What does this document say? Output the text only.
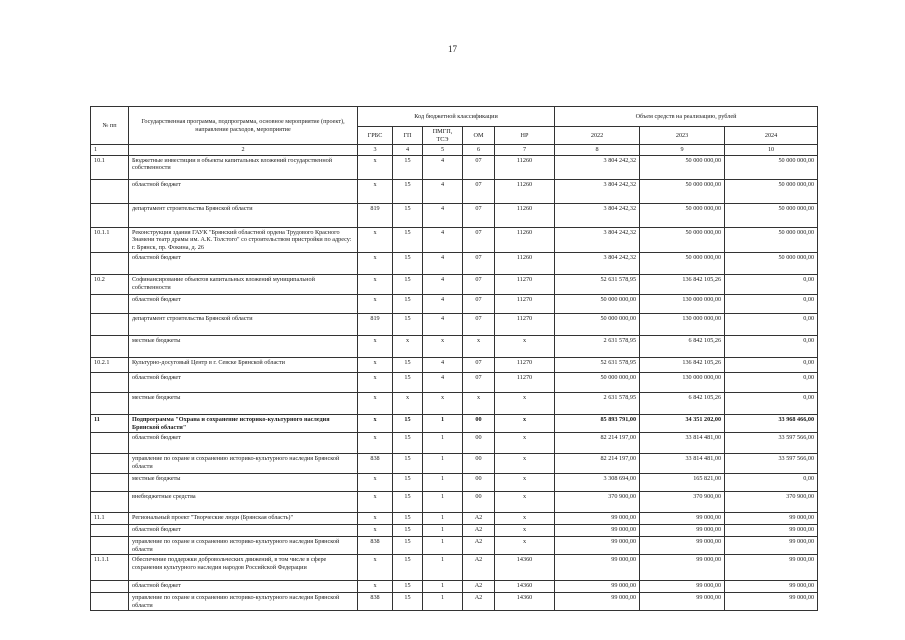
17
№ пп	Государственная программа, подпрограмма, основное мероприятие (проект), направление расходов, мероприятие	Код бюджетной классификации					Объем средств на реализацию, рублей		
		ГРБС	ГП	ПМГП, ТСЭ	ОМ	НР	2022	2023	2024
1	2	3	4	5	6	7	8	9	10
10.1	Бюджетные инвестиции в объекты капитальных вложений государственной собственности	x	15	4	07	11260	3 804 242,32	50 000 000,00	50 000 000,00
	областной бюджет	x	15	4	07	11260	3 804 242,32	50 000 000,00	50 000 000,00
	департамент строительства Брянской области	819	15	4	07	11260	3 804 242,32	50 000 000,00	50 000 000,00
10.1.1	Реконструкция здания ГАУК "Брянский областной ордена Трудового Красного Знамени театр драмы им. А.К. Толстого" со строительством пристройки по адресу: г. Брянск, пр. Фокина, д. 26	x	15	4	07	11260	3 804 242,32	50 000 000,00	50 000 000,00
	областной бюджет	x	15	4	07	11260	3 804 242,32	50 000 000,00	50 000 000,00
10.2	Софинансирование объектов капитальных вложений муниципальной собственности	x	15	4	07	11270	52 631 578,95	136 842 105,26	0,00
	областной бюджет	x	15	4	07	11270	50 000 000,00	130 000 000,00	0,00
	департамент строительства Брянской области	819	15	4	07	11270	50 000 000,00	130 000 000,00	0,00
	местные бюджеты	x	x	x	x	x	2 631 578,95	6 842 105,26	0,00
10.2.1	Культурно-досуговый Центр в г. Севске Брянской области	x	15	4	07	11270	52 631 578,95	136 842 105,26	0,00
	областной бюджет	x	15	4	07	11270	50 000 000,00	130 000 000,00	0,00
	местные бюджеты	x	x	x	x	x	2 631 578,95	6 842 105,26	0,00
11	Подпрограмма "Охрана и сохранение историко-культурного наследия Брянской области"	x	15	1	00	x	85 893 791,00	34 351 202,00	33 968 466,00
	областной бюджет	x	15	1	00	x	82 214 197,00	33 814 481,00	33 597 566,00
	управление по охране и сохранению историко-культурного наследия Брянской области	838	15	1	00	x	82 214 197,00	33 814 481,00	33 597 566,00
	местные бюджеты	x	15	1	00	x	3 308 694,00	165 821,00	0,00
	внебюджетные средства	x	15	1	00	x	370 900,00	370 900,00	370 900,00
11.1	Региональный проект "Творческие люди (Брянская область)"	x	15	1	A2	x	99 000,00	99 000,00	99 000,00
	областной бюджет	x	15	1	A2	x	99 000,00	99 000,00	99 000,00
	управление по охране и сохранению историко-культурного наследия Брянской области	838	15	1	A2	x	99 000,00	99 000,00	99 000,00
11.1.1	Обеспечение поддержки добровольческих движений, в том числе в сфере сохранения культурного наследия народов Российской Федерации	x	15	1	A2	14360	99 000,00	99 000,00	99 000,00
	областной бюджет	x	15	1	A2	14360	99 000,00	99 000,00	99 000,00
	управление по охране и сохранению историко-культурного наследия Брянской области	838	15	1	A2	14360	99 000,00	99 000,00	99 000,00
